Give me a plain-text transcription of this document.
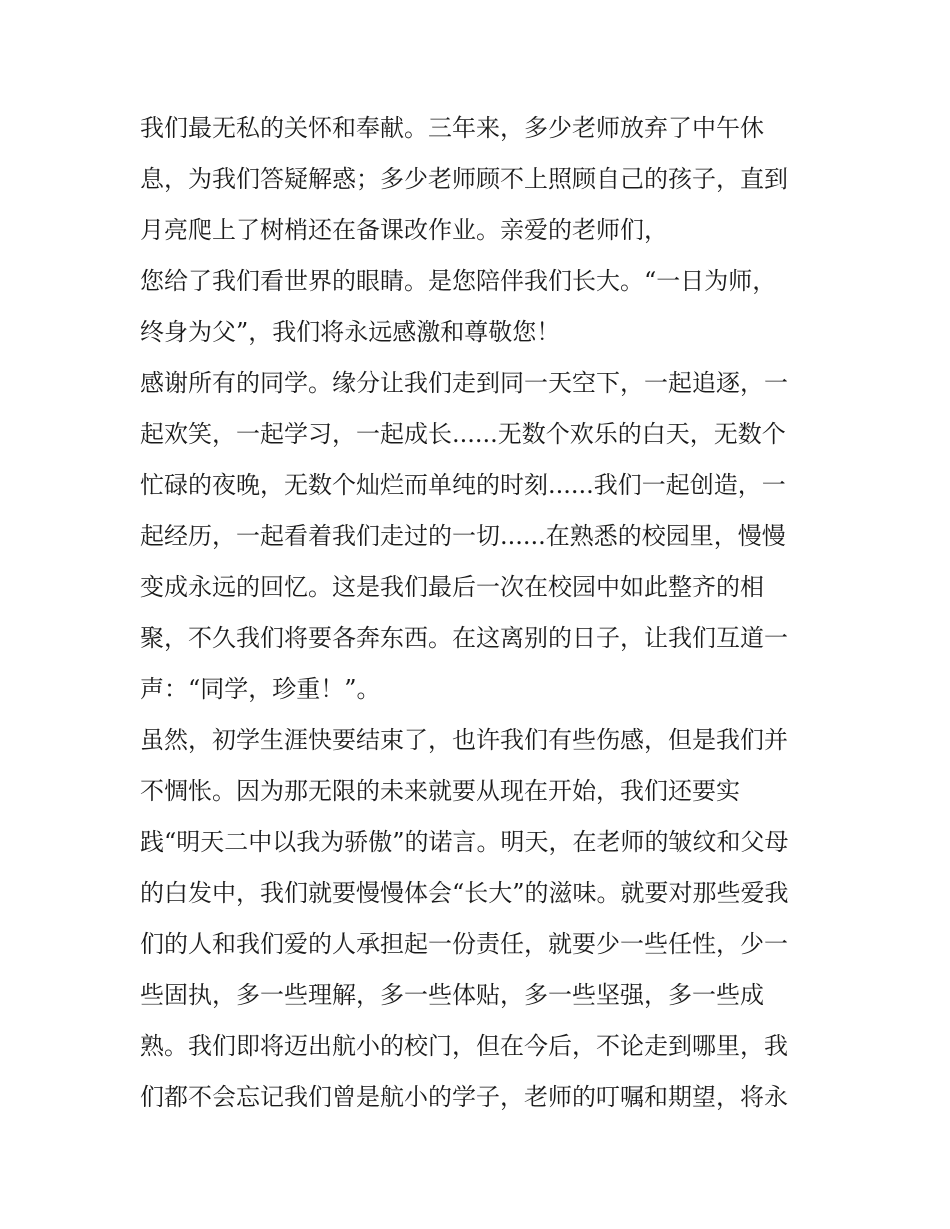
我们最无私的关怀和奉献。三年来，多少老师放弃了中午休
息，为我们答疑解惑；多少老师顾不上照顾自己的孩子，直到
月亮爬上了树梢还在备课改作业。亲爱的老师们，
您给了我们看世界的眼睛。是您陪伴我们长大。“一日为师，
终身为父”，我们将永远感激和尊敬您！
感谢所有的同学。缘分让我们走到同一天空下，一起追逐，一
起欢笑，一起学习，一起成长......无数个欢乐的白天，无数个
忙碌的夜晚，无数个灿烂而单纯的时刻......我们一起创造，一
起经历，一起看着我们走过的一切......在熟悉的校园里，慢慢
变成永远的回忆。这是我们最后一次在校园中如此整齐的相
聚，不久我们将要各奔东西。在这离别的日子，让我们互道一
声：“同学，珍重！”。
虽然，初学生涯快要结束了，也许我们有些伤感，但是我们并
不惆怅。因为那无限的未来就要从现在开始，我们还要实
践“明天二中以我为骄傲”的诺言。明天，在老师的皱纹和父母
的白发中，我们就要慢慢体会“长大”的滋味。就要对那些爱我
们的人和我们爱的人承担起一份责任，就要少一些任性，少一
些固执，多一些理解，多一些体贴，多一些坚强，多一些成
熟。我们即将迈出航小的校门，但在今后，不论走到哪里，我
们都不会忘记我们曾是航小的学子，老师的叮嘱和期望，将永
